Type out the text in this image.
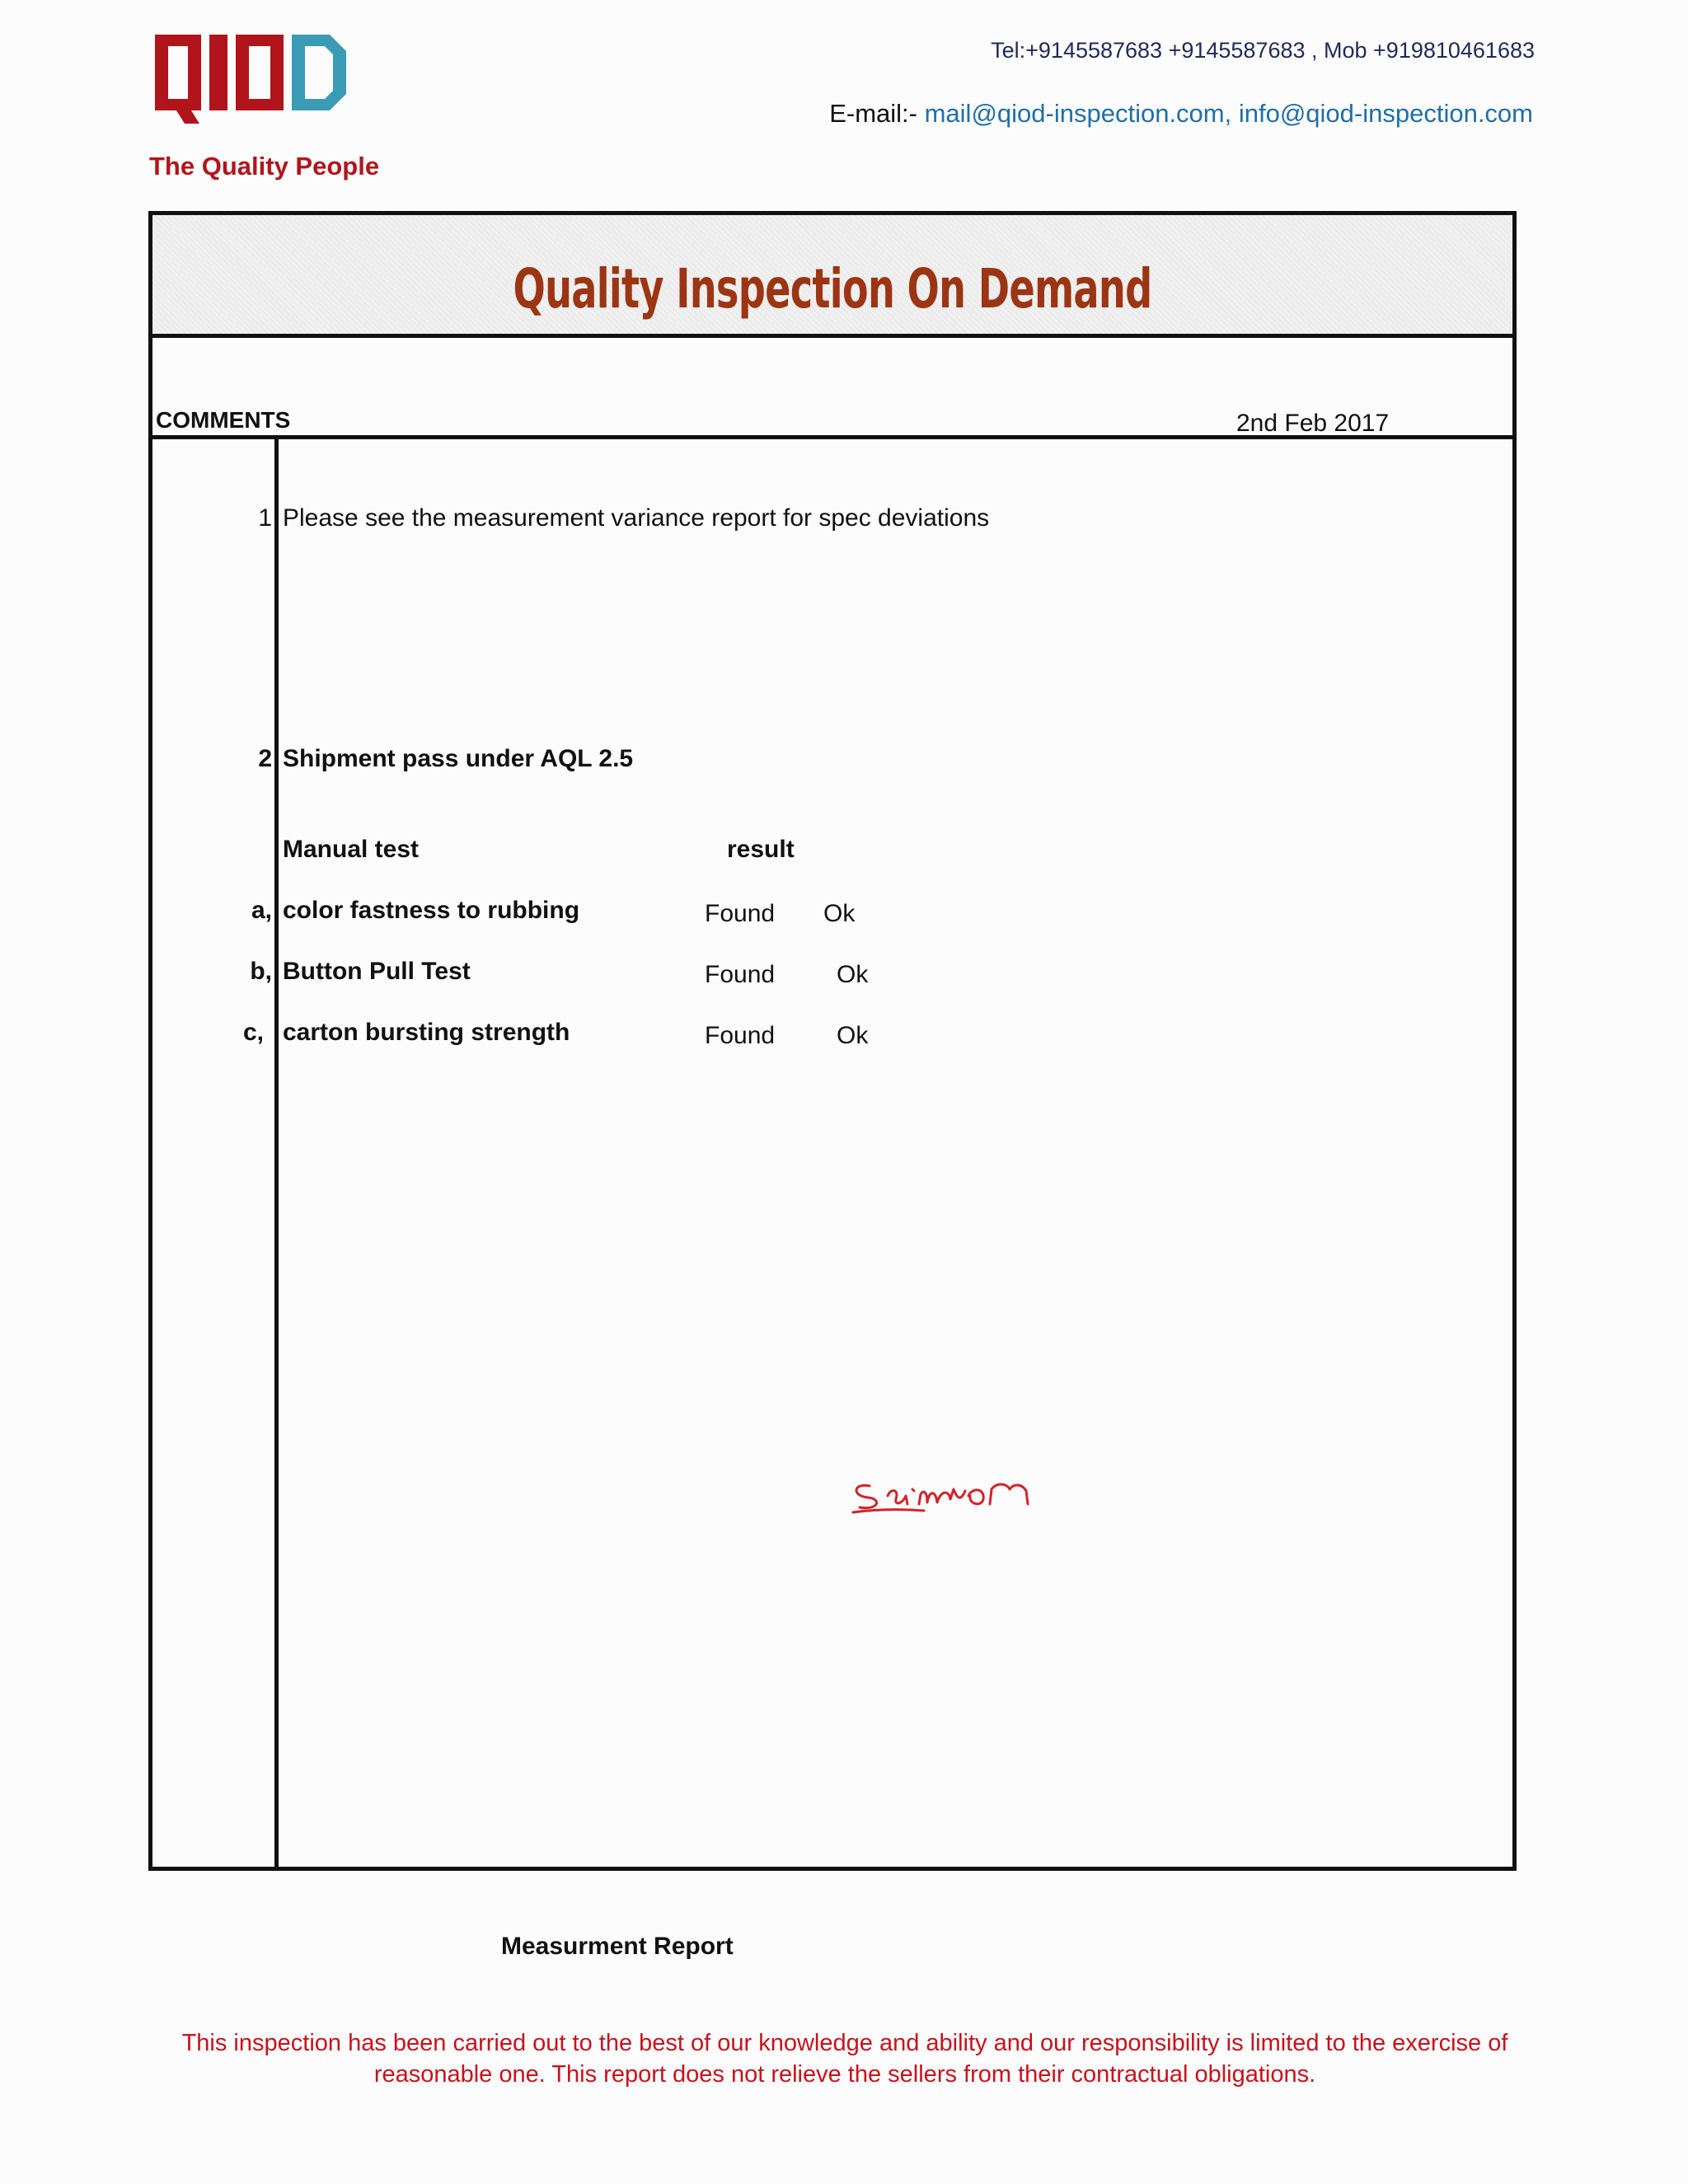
The Quality People
Tel:+9145587683 +9145587683 , Mob +919810461683
E-mail:- mail@qiod-inspection.com, info@qiod-inspection.com
Quality Inspection On Demand
COMMENTS	2nd Feb 2017
1 Please see the measurement variance report for spec deviations
2 Shipment pass under AQL 2.5
Manual test	result
a, color fastness to rubbing	Found Ok
b, Button Pull Test	Found Ok
c, carton bursting strength	Found Ok
Measurment Report
This inspection has been carried out to the best of our knowledge and ability and our responsibility is limited to the exercise of
reasonable one. This report does not relieve the sellers from their contractual obligations.
